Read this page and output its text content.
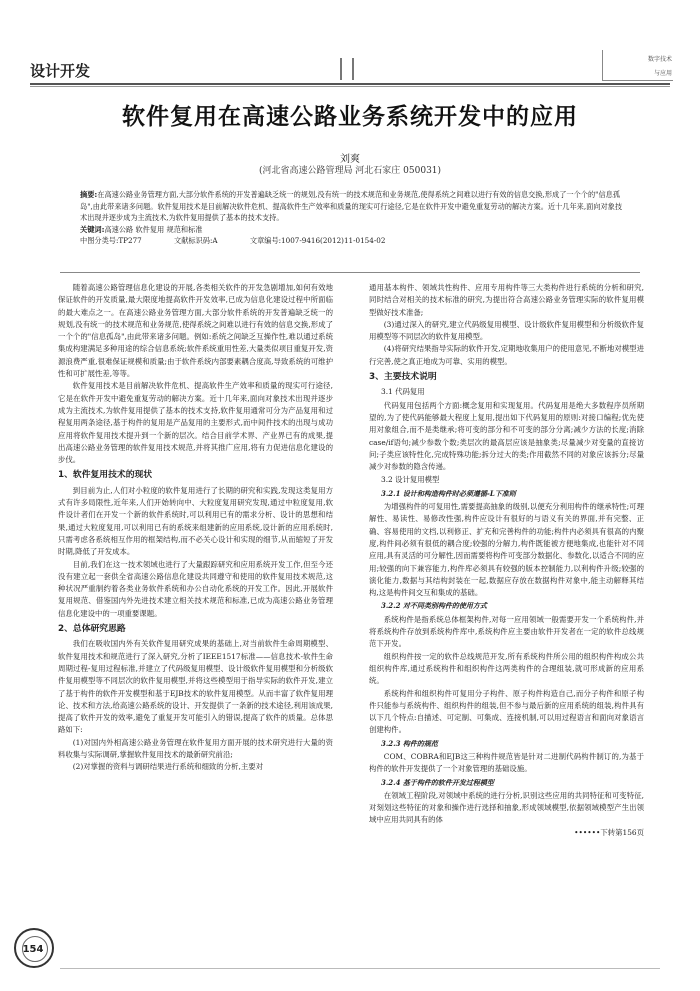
设计开发
数字技术
与应用
软件复用在高速公路业务系统开发中的应用
刘爽
(河北省高速公路管理局 河北石家庄 050031)
摘要:在高速公路业务管理方面,大部分软件系统的开发普遍缺乏统一的规划,没有统一的技术规范和业务规范,使得系统之间难以进行有效的信息交换,形成了一个个的"信息孤岛",由此带来诸多问题。软件复用技术是目前解决软件危机、提高软件生产效率和质量的现实可行途径,它是在软件开发中避免重复劳动的解决方案。近十几年来,面向对象技术出现并逐步成为主流技术,为软件复用提供了基本的技术支持。
关键词:高速公路 软件复用 规范和标准
中图分类号:TP277	文献标识码:A	文章编号:1007-9416(2012)11-0154-02

随着高速公路管理信息化建设的开展,各类相关软件的开发急剧增加,如何有效地保证软件的开发质量,最大限度地提高软件开发效率,已成为信息化建设过程中所面临的最大难点之一。在高速公路业务管理方面,大部分软件系统的开发普遍缺乏统一的规划,没有统一的技术规范和业务规范,使得系统之间难以进行有效的信息交换,形成了一个个的"信息孤岛",由此带来诸多问题。例如:系统之间缺乏互操作性,难以通过系统集成构建满足多种用途的综合信息系统;软件系统重用性差,大量类似项目重复开发,资源浪费严重,很难保证规模和质量;由于软件系统内部要素耦合度高,导致系统的可维护性和可扩展性差,等等。

软件复用技术是目前解决软件危机、提高软件生产效率和质量的现实可行途径,它是在软件开发中避免重复劳动的解决方案。近十几年来,面向对象技术出现并逐步成为主流技术,为软件复用提供了基本的技术支持,软件复用通常可分为产品复用和过程复用两条途径,基于构件的复用是产品复用的主要形式,而中间件技术的出现与成功应用将软件复用技术提升到一个新的层次。结合目前学术界、产业界已有的成果,提出高速公路业务管理的软件复用技术规范,并将其推广应用,将有力促进信息化建设的步伐。

1、软件复用技术的现状

到目前为止,人们对小粒度的软件复用进行了长期的研究和实践,发现这类复用方式有许多局限性,近年来,人们开始转向中、大粒度复用研究发现,通过中粒度复用,软件设计者们在开发一个新的软件系统时,可以利用已有的需求分析、设计的思想和结果,通过大粒度复用,可以利用已有的系统来组建新的应用系统,设计新的应用系统时,只需考虑各系统相互作用的框架结构,而不必关心设计和实现的细节,从而缩短了开发时期,降低了开发成本。

目前,我们在这一技术领域也进行了大量跟踪研究和应用系统开发工作,但至今还没有建立起一套供全省高速公路信息化建设共同遵守和使用的软件复用技术规范,这种状况严重制约着各类业务软件系统和办公自动化系统的开发工作。因此,开展软件复用规范、借鉴国内外先进技术建立相关技术规范和标准,已成为高速公路业务管理信息化建设中的一项重要课题。

2、总体研究思路

我们在吸收国内外有关软件复用研究成果的基础上,对当前软件生命周期模型、软件复用技术和规范进行了深入研究,分析了IEEE1517标准——信息技术-软件生命周期过程-复用过程标准,并建立了代码级复用模型、设计级软件复用模型和分析级软件复用模型等不同层次的软件复用模型,并将这些模型用于指导实际的软件开发,建立了基于构件的软件开发模型和基于EJB技术的软件复用模型。从而丰富了软件复用理论、技术和方法,给高速公路系统的设计、开发提供了一条新的技术途径,利用该成果,提高了软件开发的效率,避免了重复开发可能引入的错误,提高了软件的质量。总体思路如下:

(1)对国内外相高速公路业务管理在软件复用方面开展的技术研究进行大量的资料收集与实际调研,掌握软件复用技术的最新研究前沿;

(2)对掌握的资料与调研结果进行系统和细致的分析,主要对

通用基本构件、领域共性构件、应用专用构件等三大类构件进行系统的分析和研究,同时结合对相关的技术标准的研究,为提出符合高速公路业务管理实际的软件复用模型做好技术准备;

(3)通过深入的研究,建立代码级复用模型、设计级软件复用模型和分析级软件复用模型等不同层次的软件复用模型。

(4)将研究结果指导实际的软件开发,定期地收集用户的使用意见,不断地对模型进行完善,使之真正地成为可靠、实用的模型。

3、主要技术说明
3.1 代码复用

代码复用包括两个方面:概念复用和实现复用。代码复用是绝大多数程序员所期望的,为了使代码能够最大程度上复用,提出如下代码复用的原则:对接口编程;优先使用对象组合,而不是类继承;将可变的部分和不可变的部分分离;减少方法的长度;消除case/if语句;减少参数个数;类层次的最高层应该是抽象类;尽量减少对变量的直接访问;子类应该特性化,完成特殊功能;拆分过大的类;作用截然不同的对象应该拆分;尽量减少对参数的隐含传递。

3.2 设计复用模型
3.2.1 设计和构造构件时必须遵循-L下准则

为增强构件的可复用性,需要提高抽象的级别,以便充分利用构件的继承特性;可理解性、易读性、易修改性强,构件应设计有很好的与语义有关的界面,并有完整、正确、容易使用的文档,以利修正、扩充和完善构件的功能;构件内必须具有很高的内聚度,构件间必须有很低的耦合度;较强的分解力,构件既能被方便地集成,也能针对不同应用,具有灵活的可分解性,因而需要将构件可变部分数据化、参数化,以适合不同的应用;较强的向下兼容能力,构件库必须具有较强的版本控制能力,以利构件升级;较强的演化能力,数据与其结构封装在一起,数据应存放在数据构件对象中,能主动解释其结构,这是构件间交互和集成的基础。

3.2.2 对不同类别构件的使用方式

系统构件是指系统总体框架构件,对每一应用领域一般需要开发一个系统构件,并将系统构件存放到系统构件库中,系统构件应主要由软件开发者在一定的软件总线规范下开发。

组织构件按一定的软件总线规范开发,所有系统构件所公用的组织构件构成公共组织构件库,通过系统构件和组织构件这两类构件的合理组装,就可形成新的应用系统。

系统构件和组织构件可复用分子构件、原子构件构造自己,而分子构件和原子构件只能参与系统构件、组织构件的组装,但不参与最后新的应用系统的组装,构件具有以下几个特点:自描述、可定制、可集成、连接机制,可以用过程语言和面向对象语言创建构件。

3.2.3 构件的规范

COM、COBRA和EJB这三种构件规范皆是针对二进制代码构件制订的,为基于构件的软件开发提供了一个对象管理的基础设施。

3.2.4 基于构件的软件开发过程模型

在领域工程阶段,对领域中系统的进行分析,识别这些应用的共同特征和可变特征,对刻划这些特征的对象和操作进行选择和抽象,形成领域模型,依据领域模型产生出领域中应用共同具有的体

••••••下转第156页
154
